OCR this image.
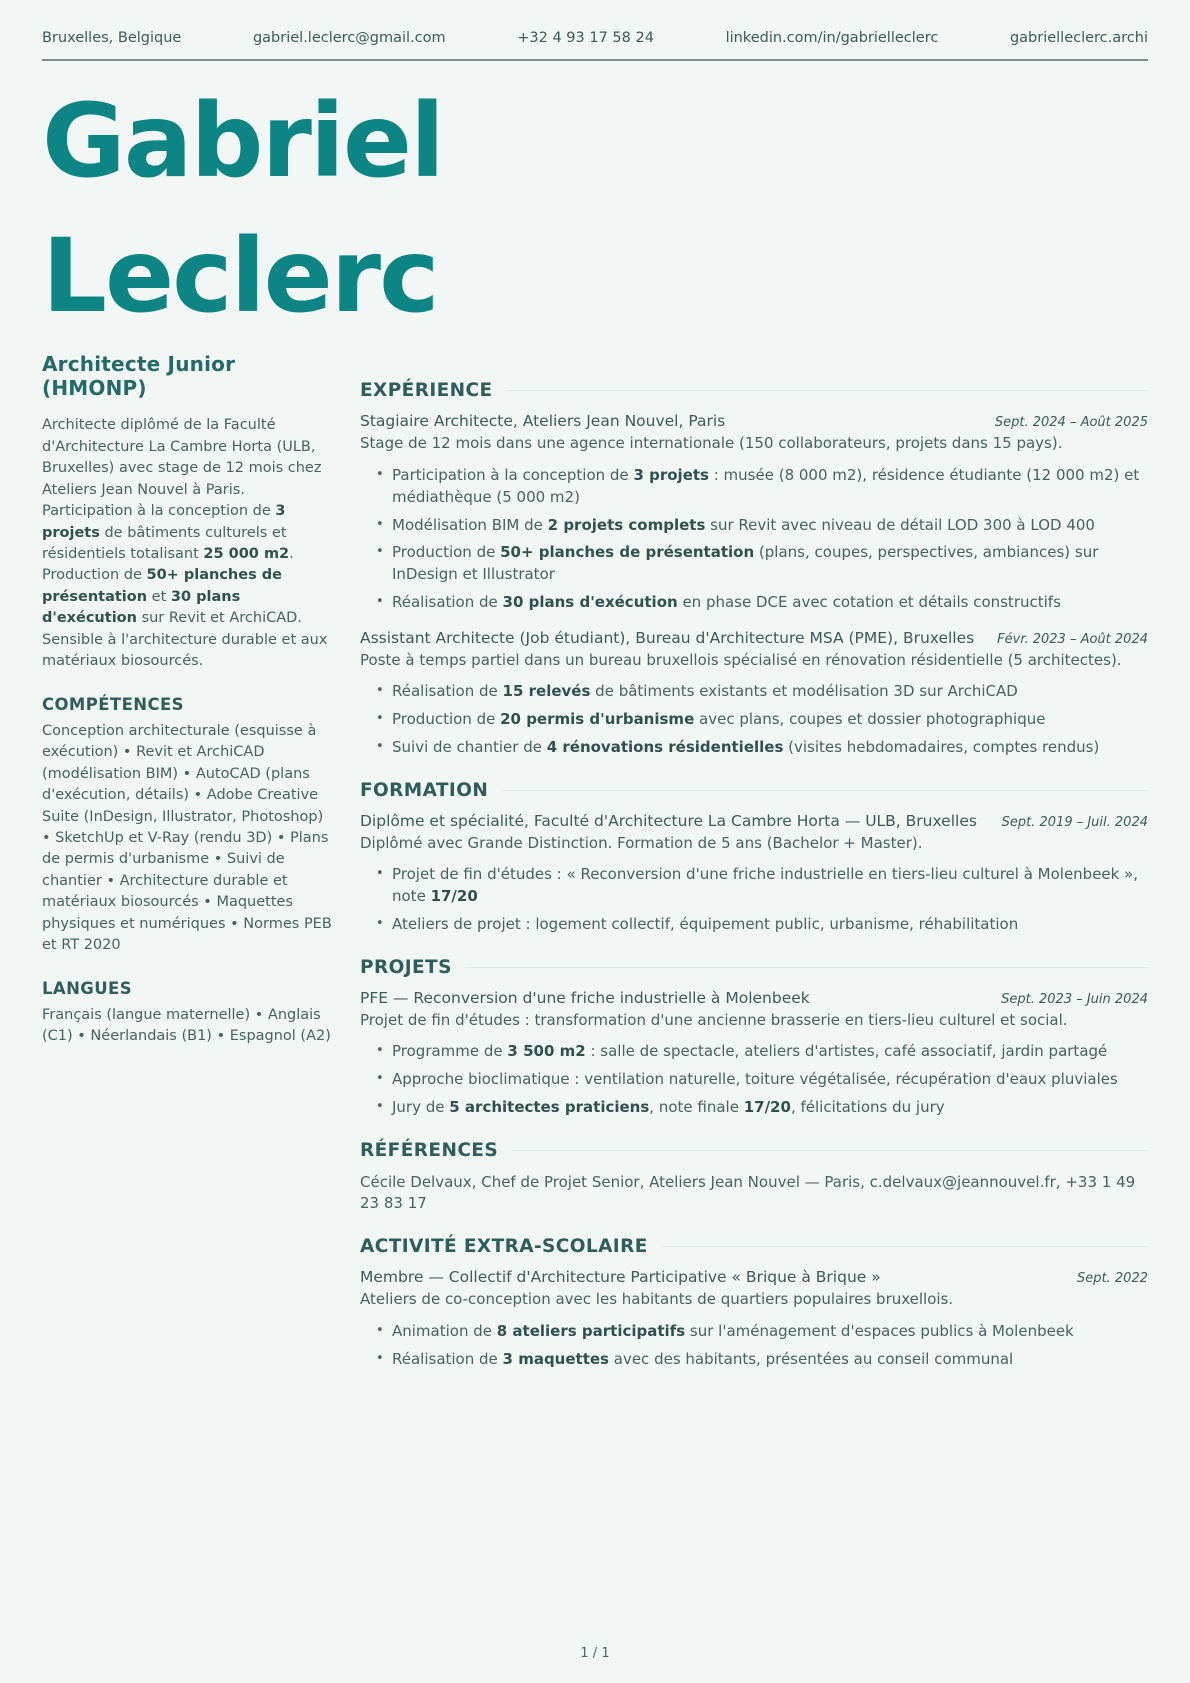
Bruxelles, Belgique	gabriel.leclerc@gmail.com	+32 4 93 17 58 24	linkedin.com/in/gabrielleclerc	gabrielleclerc.archi
Gabriel
Leclerc
Architecte Junior (HMONP)

Architecte diplômé de la Faculté d'Architecture La Cambre Horta (ULB, Bruxelles) avec stage de 12 mois chez Ateliers Jean Nouvel à Paris. Participation à la conception de 3 projets de bâtiments culturels et résidentiels totalisant 25 000 m2. Production de 50+ planches de présentation et 30 plans d'exécution sur Revit et ArchiCAD. Sensible à l'architecture durable et aux matériaux biosourcés.

COMPÉTENCES

Conception architecturale (esquisse à exécution) • Revit et ArchiCAD (modélisation BIM) • AutoCAD (plans d'exécution, détails) • Adobe Creative Suite (InDesign, Illustrator, Photoshop) • SketchUp et V-Ray (rendu 3D) • Plans de permis d'urbanisme • Suivi de chantier • Architecture durable et matériaux biosourcés • Maquettes physiques et numériques • Normes PEB et RT 2020

LANGUES

Français (langue maternelle) • Anglais (C1) • Néerlandais (B1) • Espagnol (A2)

EXPÉRIENCE
Stagiaire Architecte, Ateliers Jean Nouvel, Paris	Sept. 2024 – Août 2025

Stage de 12 mois dans une agence internationale (150 collaborateurs, projets dans 15 pays).

• Participation à la conception de 3 projets : musée (8 000 m2), résidence étudiante (12 000 m2) et médiathèque (5 000 m2)
• Modélisation BIM de 2 projets complets sur Revit avec niveau de détail LOD 300 à LOD 400
• Production de 50+ planches de présentation (plans, coupes, perspectives, ambiances) sur InDesign et Illustrator
• Réalisation de 30 plans d'exécution en phase DCE avec cotation et détails constructifs
Assistant Architecte (Job étudiant), Bureau d'Architecture MSA (PME), Bruxelles Févr. 2023 – Août 2024

Poste à temps partiel dans un bureau bruxellois spécialisé en rénovation résidentielle (5 architectes).

• Réalisation de 15 relevés de bâtiments existants et modélisation 3D sur ArchiCAD
• Production de 20 permis d'urbanisme avec plans, coupes et dossier photographique
• Suivi de chantier de 4 rénovations résidentielles (visites hebdomadaires, comptes rendus)
FORMATION
Diplôme et spécialité, Faculté d'Architecture La Cambre Horta — ULB, Bruxelles Sept. 2019 – Juil. 2024

Diplômé avec Grande Distinction. Formation de 5 ans (Bachelor + Master).

• Projet de fin d'études : « Reconversion d'une friche industrielle en tiers-lieu culturel à Molenbeek », note 17/20
• Ateliers de projet : logement collectif, équipement public, urbanisme, réhabilitation
PROJETS
PFE — Reconversion d'une friche industrielle à Molenbeek	Sept. 2023 – Juin 2024

Projet de fin d'études : transformation d'une ancienne brasserie en tiers-lieu culturel et social.

• Programme de 3 500 m2 : salle de spectacle, ateliers d'artistes, café associatif, jardin partagé
• Approche bioclimatique : ventilation naturelle, toiture végétalisée, récupération d'eaux pluviales
• Jury de 5 architectes praticiens, note finale 17/20, félicitations du jury
RÉFÉRENCES

Cécile Delvaux, Chef de Projet Senior, Ateliers Jean Nouvel — Paris, c.delvaux@jeannouvel.fr, +33 1 49 23 83 17

ACTIVITÉ EXTRA-SCOLAIRE
Membre — Collectif d'Architecture Participative « Brique à Brique »	Sept. 2022

Ateliers de co-conception avec les habitants de quartiers populaires bruxellois.

• Animation de 8 ateliers participatifs sur l'aménagement d'espaces publics à Molenbeek
• Réalisation de 3 maquettes avec des habitants, présentées au conseil communal
1 / 1
